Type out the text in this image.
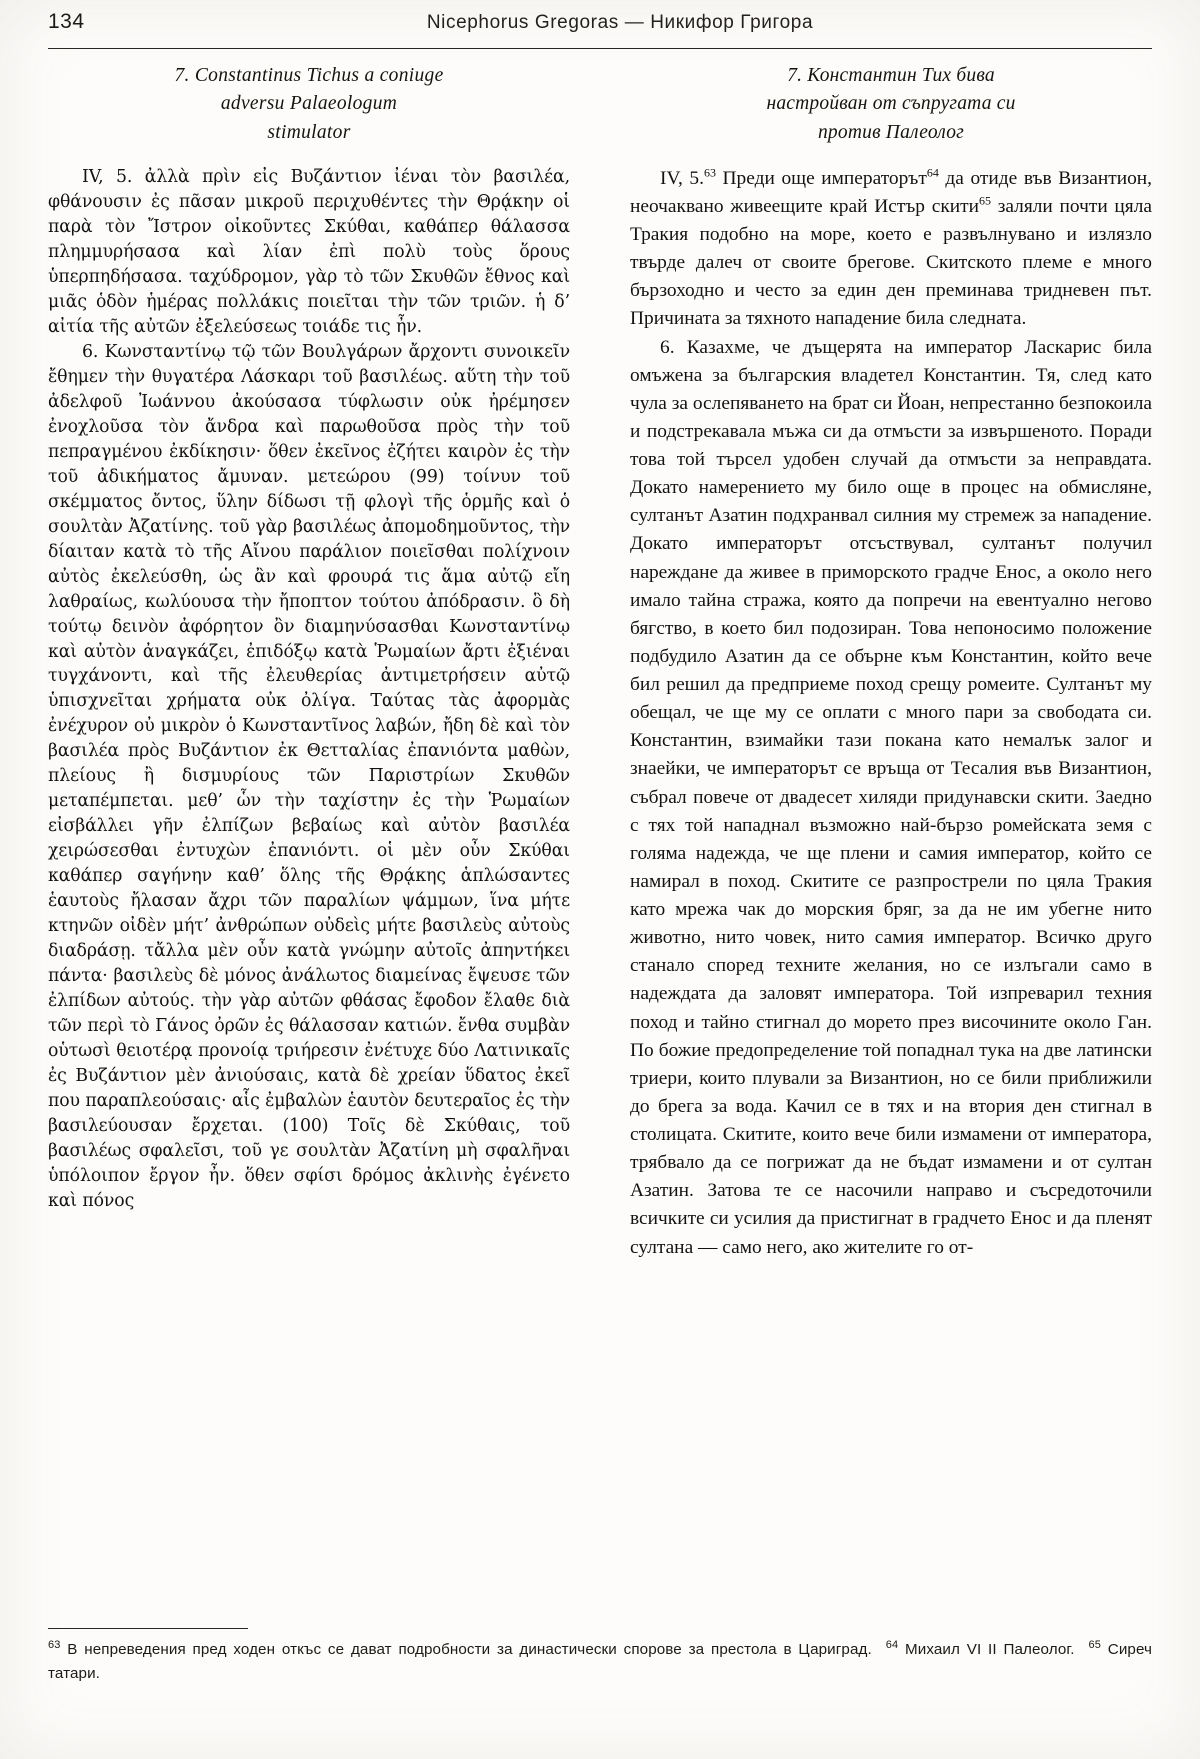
134	Nicephorus Gregoras — Никифор Григора
7. Constantinus Tichus a coniuge
adversu Palaeologum
stimulator

IV, 5. ἀλλὰ πρὶν εἰς Βυζάντιον ἰέναι τὸν βασιλέα, φθάνουσιν ἐς πᾶσαν μικροῦ περιχυθέντες τὴν Θρᾴκην οἱ παρὰ τὸν Ἴστρον οἰκοῦντες Σκύθαι, καθάπερ θάλασσα πλημμυρήσασα καὶ λίαν ἐπὶ πολὺ τοὺς ὅρους ὑπερπηδήσασα. ταχύδρομον, γὰρ τὸ τῶν Σκυθῶν ἔθνος καὶ μιᾶς ὁδὸν ἡμέρας πολλάκις ποιεῖται τὴν τῶν τριῶν. ἡ δ’ αἰτία τῆς αὐτῶν ἐξελεύσεως τοιάδε τις ἦν.

6. Κωνσταντίνῳ τῷ τῶν Βουλγάρων ἄρχοντι συνοικεῖν ἔθημεν τὴν θυγατέρα Λάσκαρι τοῦ βασιλέως. αὕτη τὴν τοῦ ἀδελφοῦ Ἰωάννου ἀκούσασα τύφλωσιν οὐκ ἠρέμησεν ἐνοχλοῦσα τὸν ἄνδρα καὶ παρωθοῦσα πρὸς τὴν τοῦ πεπραγμένου ἐκδίκησιν· ὅθεν ἐκεῖνος ἐζήτει καιρὸν ἐς τὴν τοῦ ἀδικήματος ἄμυναν. μετεώρου (99) τοίνυν τοῦ σκέμματος ὄντος, ὕλην δίδωσι τῇ φλογὶ τῆς ὁρμῆς καὶ ὁ σουλτὰν Ἀζατίνης. τοῦ γὰρ βασιλέως ἀπομοδημοῦντος, τὴν δίαιταν κατὰ τὸ τῆς Αἴνου παράλιον ποιεῖσθαι πολίχνοιν αὐτὸς ἐκελεύσθη, ὡς ἂν καὶ φρουρά τις ἅμα αὐτῷ εἴη λαθραίως, κωλύουσα τὴν ἤποπτον τούτου ἀπόδρασιν. ὃ δὴ τούτῳ δεινὸν ἀφόρητον ὂν διαμηνύσασθαι Κωνσταντίνῳ καὶ αὐτὸν ἀναγκάζει, ἐπιδόξῳ κατὰ Ῥωμαίων ἄρτι ἐξιέναι τυγχάνοντι, καὶ τῆς ἐλευθερίας ἀντιμετρήσειν αὐτῷ ὑπισχνεῖται χρήματα οὐκ ὀλίγα. Ταύτας τὰς ἀφορμὰς ἐνέχυρον οὐ μικρὸν ὁ Κωνσταντῖνος λαβών, ἤδη δὲ καὶ τὸν βασιλέα πρὸς Βυζάντιον ἐκ Θετταλίας ἐπανιόντα μαθὼν, πλείους ἢ δισμυρίους τῶν Παριστρίων Σκυθῶν μεταπέμπεται. μεθ’ ὧν τὴν ταχίστην ἐς τὴν Ῥωμαίων εἰσβάλλει γῆν ἐλπίζων βεβαίως καὶ αὐτὸν βασιλέα χειρώσεσθαι ἐντυχὼν ἐπανιόντι. οἱ μὲν οὖν Σκύθαι καθάπερ σαγήνην καθ’ ὅλης τῆς Θρᾴκης ἁπλώσαντες ἑαυτοὺς ἤλασαν ἄχρι τῶν παραλίων ψάμμων, ἵνα μήτε κτηνῶν οἰδὲν μήτ’ ἀνθρώπων οὐδεὶς μήτε βασιλεὺς αὐτοὺς διαδράσῃ. τἄλλα μὲν οὖν κατὰ γνώμην αὐτοῖς ἀπηντήκει πάντα· βασιλεὺς δὲ μόνος ἀνάλωτος διαμείνας ἔψευσε τῶν ἐλπίδων αὐτούς. τὴν γὰρ αὐτῶν φθάσας ἔφοδον ἔλαθε διὰ τῶν περὶ τὸ Γάνος ὀρῶν ἐς θάλασσαν κατιών. ἔνθα συμβὰν οὑτωσὶ θειοτέρᾳ προνοίᾳ τριήρεσιν ἐνέτυχε δύο Λατινικαῖς ἐς Βυζάντιον μὲν ἀνιούσαις, κατὰ δὲ χρείαν ὕδατος ἐκεῖ που παραπλεούσαις· αἷς ἐμβαλὼν ἑαυτὸν δευτεραῖος ἐς τὴν βασιλεύουσαν ἔρχεται. (100) Τοῖς δὲ Σκύθαις, τοῦ βασιλέως σφαλεῖσι, τοῦ γε σουλτὰν Ἀζατίνη μὴ σφαλῆναι ὑπόλοιπον ἔργον ἦν. ὅθεν σφίσι δρόμος ἀκλινὴς ἐγένετο καὶ πόνος

7. Константин Тих бива
настройван от съпругата си
против Палеолог

IV, 5.63 Преди още императорът$^{64}$ да отиде във Византион, неочаквано живеещите край Истър скити$^{65}$ заляли почти цяла Тракия подобно на море, което е развълнувано и излязло твърде далеч от своите брегове. Скитското племе е много бързоходно и често за един ден преминава тридневен път. Причината за тяхното нападение била следната.

6. Казахме, че дъщерята на император Ласкарис била омъжена за българския владетел Константин. Тя, след като чула за ослепяването на брат си Йоан, непрестанно безпокоила и подстрекавала мъжа си да отмъсти за извършеното. Поради това той търсел удобен случай да отмъсти за неправдата. Докато намерението му било още в процес на обмисляне, султанът Азатин подхранвал силния му стремеж за нападение. Докато императорът отсъствувал, султанът получил нареждане да живее в приморското градче Енос, а около него имало тайна стража, която да попречи на евентуално негово бягство, в което бил подозиран. Това непоносимо положение подбудило Азатин да се обърне към Константин, който вече бил решил да предприеме поход срещу ромеите. Султанът му обещал, че ще му се оплати с много пари за свободата си. Константин, взимайки тази покана като немалък залог и знаейки, че императорът се връща от Тесалия във Византион, събрал повече от двадесет хиляди придунавски скити. Заедно с тях той нападнал възможно най-бързо ромейската земя с голяма надежда, че ще плени и самия император, който се намирал в поход. Скитите се разпрострели по цяла Тракия като мрежа чак до морския бряг, за да не им убегне нито животно, нито човек, нито самия император. Всичко друго станало според техните желания, но се излъгали само в надеждата да заловят императора. Той изпреварил техния поход и тайно стигнал до морето през височините около Ган. По божие предопределение той попаднал тука на две латински триери, които плували за Византион, но се били приближили до брега за вода. Качил се в тях и на втория ден стигнал в столицата. Скитите, които вече били измамени от императора, трябвало да се погрижат да не бъдат измамени и от султан Азатин. Затова те се насочили направо и съсредоточили всичките си усилия да пристигнат в градчето Енос и да пленят султана — само него, ако жителите го от-

$^{63}$ В непреведения пред ходен откъс се дават подробности за династически спорове за престола в Цариград. $^{64}$ Михаил VI II Палеолог. $^{65}$ Сиреч татари.
